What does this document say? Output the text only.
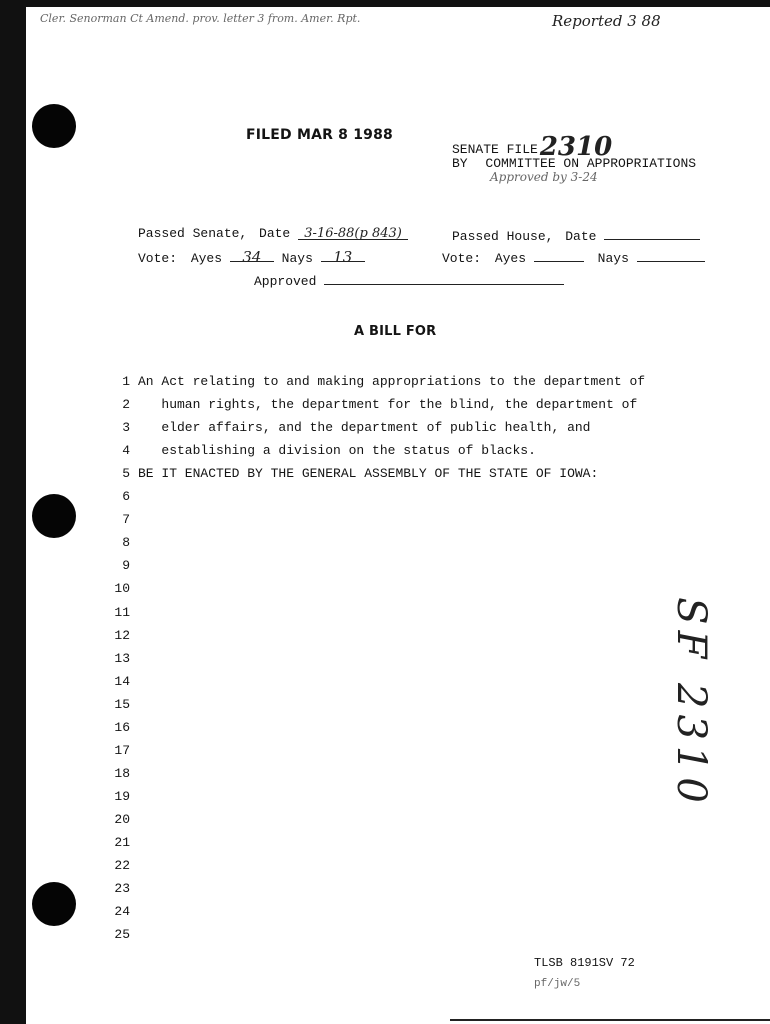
Cler. Senorman Ct Amend. prov. letter 3 from. Amer. Rpt.	Reported 3 88
FILED MAR 8 1988
SENATE FILE2310
BY COMMITTEE ON APPROPRIATIONS
Approved by 3-24
Passed Senate, Date 3-16-88(p 843)	Passed House, Date
Vote: Ayes 34 Nays 13	Vote: Ayes	Nays
Approved
A BILL FOR
1 An Act relating to and making appropriations to the department of
2 human rights, the department for the blind, the department of
3 elder affairs, and the department of public health, and
4 establishing a division on the status of blacks.
5 BE IT ENACTED BY THE GENERAL ASSEMBLY OF THE STATE OF IOWA:
6
7
8
9
10
11
12
13
14
15
16
17
18
19
20
21
22
23
24
25
SF 2310
TLSB 8191SV 72
pf/jw/5
